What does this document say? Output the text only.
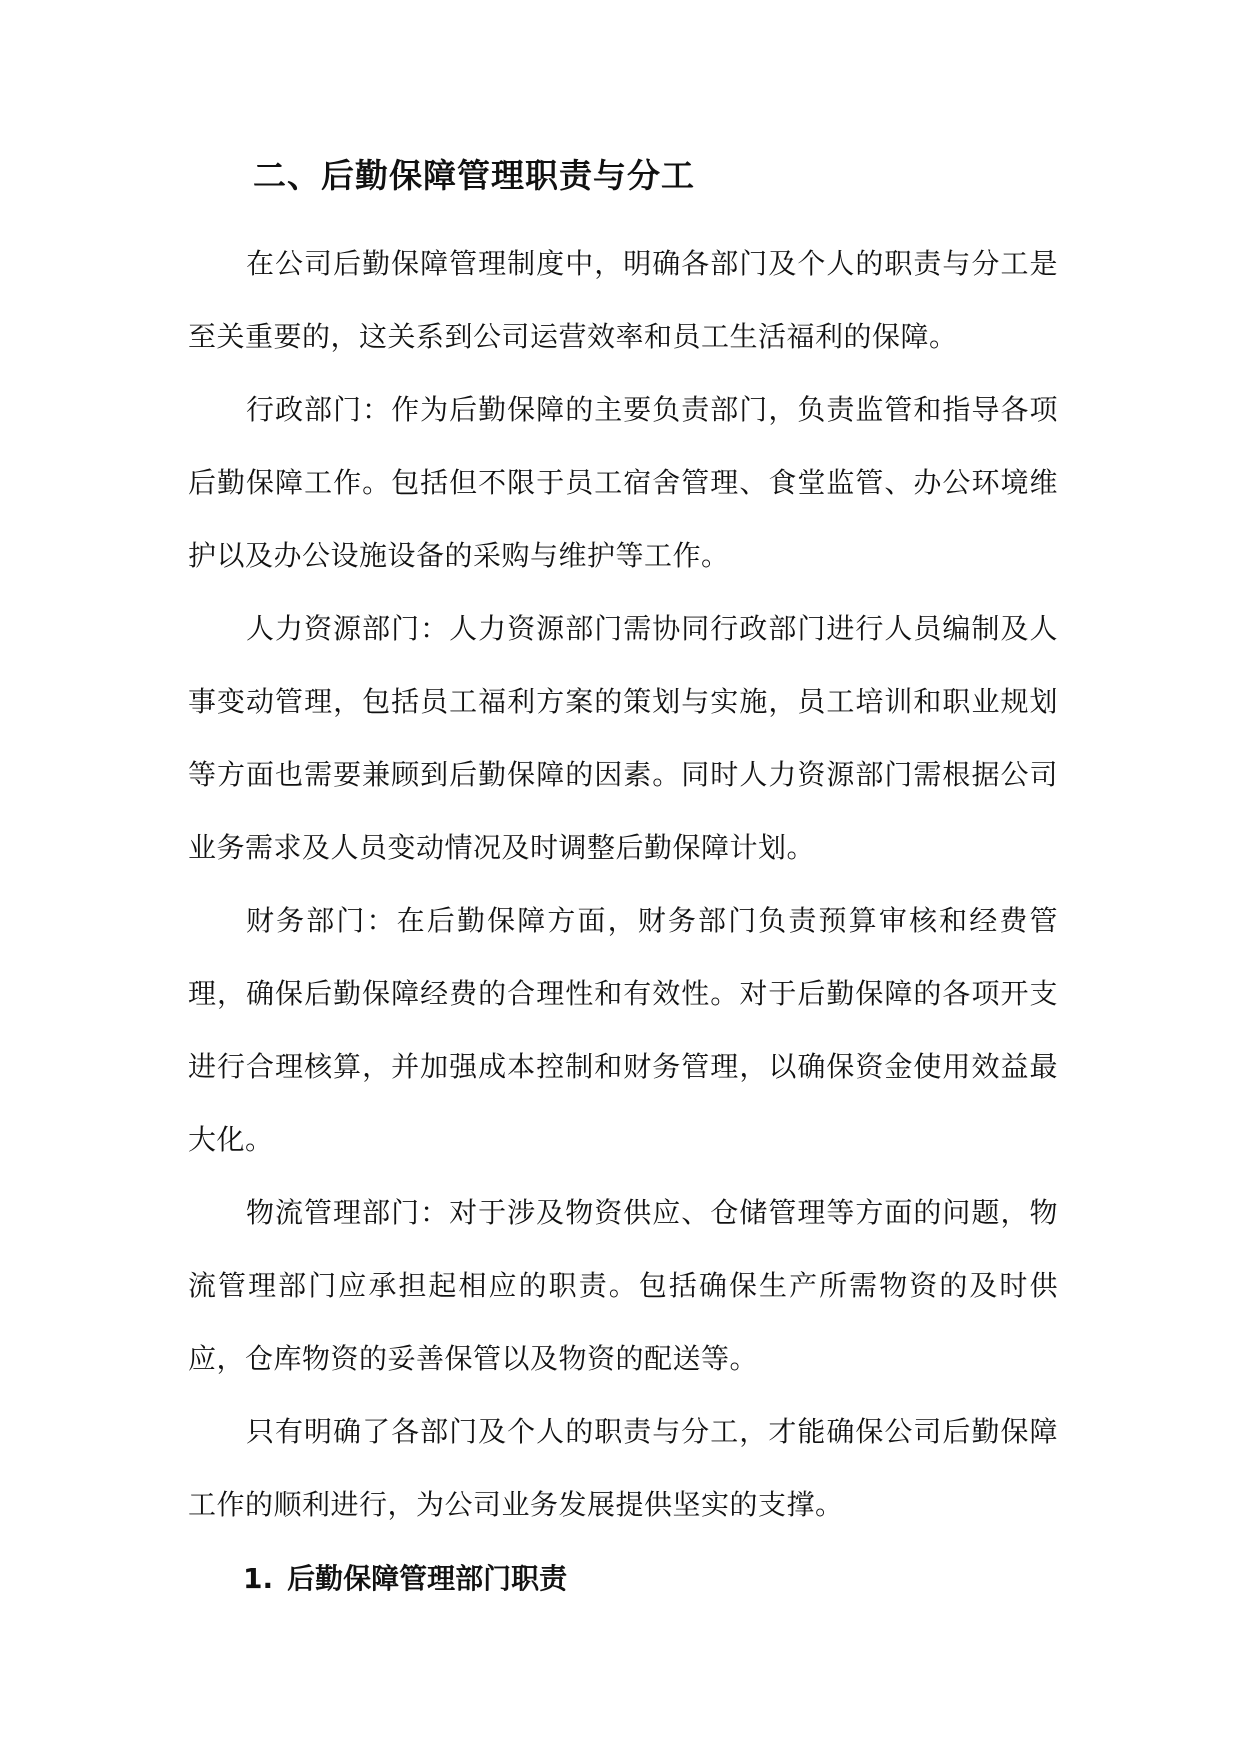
二、后勤保障管理职责与分工

在公司后勤保障管理制度中，明确各部门及个人的职责与分工是至关重要的，这关系到公司运营效率和员工生活福利的保障。

行政部门：作为后勤保障的主要负责部门，负责监管和指导各项后勤保障工作。包括但不限于员工宿舍管理、食堂监管、办公环境维护以及办公设施设备的采购与维护等工作。

人力资源部门：人力资源部门需协同行政部门进行人员编制及人事变动管理，包括员工福利方案的策划与实施，员工培训和职业规划等方面也需要兼顾到后勤保障的因素。同时人力资源部门需根据公司业务需求及人员变动情况及时调整后勤保障计划。

财务部门：在后勤保障方面，财务部门负责预算审核和经费管理，确保后勤保障经费的合理性和有效性。对于后勤保障的各项开支进行合理核算，并加强成本控制和财务管理，以确保资金使用效益最大化。

物流管理部门：对于涉及物资供应、仓储管理等方面的问题，物流管理部门应承担起相应的职责。包括确保生产所需物资的及时供应，仓库物资的妥善保管以及物资的配送等。

只有明确了各部门及个人的职责与分工，才能确保公司后勤保障工作的顺利进行，为公司业务发展提供坚实的支撑。

1. 后勤保障管理部门职责
